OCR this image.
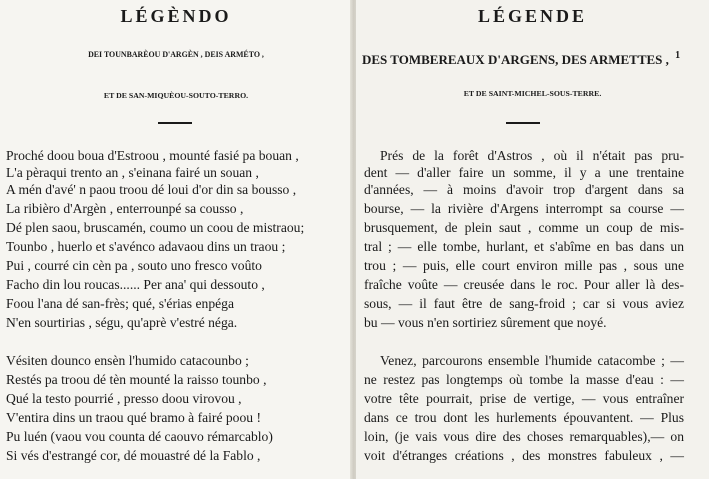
LÉGÈNDO
DEI TOUNBARÈOU D'ARGÈN , DEIS ARMÉTO ,
ET DE SAN-MIQUÈOU-SOUTO-TERRO.
Proché doou boua d'Estroou , mounté fasié pa bouan ,
L'a pèraqui trento an , s'einana fairé un souan ,
A mén d'avé' n paou troou dé loui d'or din sa bousso ,
La ribièro d'Argèn , enterrounpé sa cousso ,
Dé plen saou, bruscamén, coumo un coou de mistraou;
Tounbo , huerlo et s'avénco adavaou dins un traou ;
Pui , courré cin cèn pa , souto uno fresco voûto
Facho din lou roucas...... Per ana' qui dessouto ,
Foou l'ana dé san-frès; qué, s'érias enpéga
N'en sourtirias , ségu, qu'aprè v'estré néga.
Vésiten dounco ensèn l'humido catacounbo ;
Restés pa troou dé tèn mounté la raisso tounbo ,
Qué la testo pourrié , presso doou virovou ,
V'entira dins un traou qué bramo à fairé poou !
Pu luén (vaou vou counta dé caouvo rémarcablo)
Si vés d'estrangé cor, dé mouastré dé la Fablo ,
LÉGENDE
DES TOMBEREAUX D'ARGENS, DES ARMETTES , $^1$
ET DE SAINT-MICHEL-SOUS-TERRE.
Prés de la forêt d'Astros , où il n'était pas pru-
dent — d'aller faire un somme, il y a une trentaine
d'années, — à moins d'avoir trop d'argent dans sa
bourse, — la rivière d'Argens interrompt sa course —
brusquement, de plein saut , comme un coup de mis-
tral ; — elle tombe, hurlant, et s'abîme en bas dans un
trou ; — puis, elle court environ mille pas , sous une
fraîche voûte — creusée dans le roc. Pour aller là des-
sous, — il faut être de sang-froid ; car si vous aviez
bu — vous n'en sortiriez sûrement que noyé.
Venez, parcourons ensemble l'humide catacombe ; —
ne restez pas longtemps où tombe la masse d'eau : —
votre tête pourrait, prise de vertige, — vous entraîner
dans ce trou dont les hurlements épouvantent. — Plus
loin, (je vais vous dire des choses remarquables),— on
voit d'étranges créations , des monstres fabuleux , —
